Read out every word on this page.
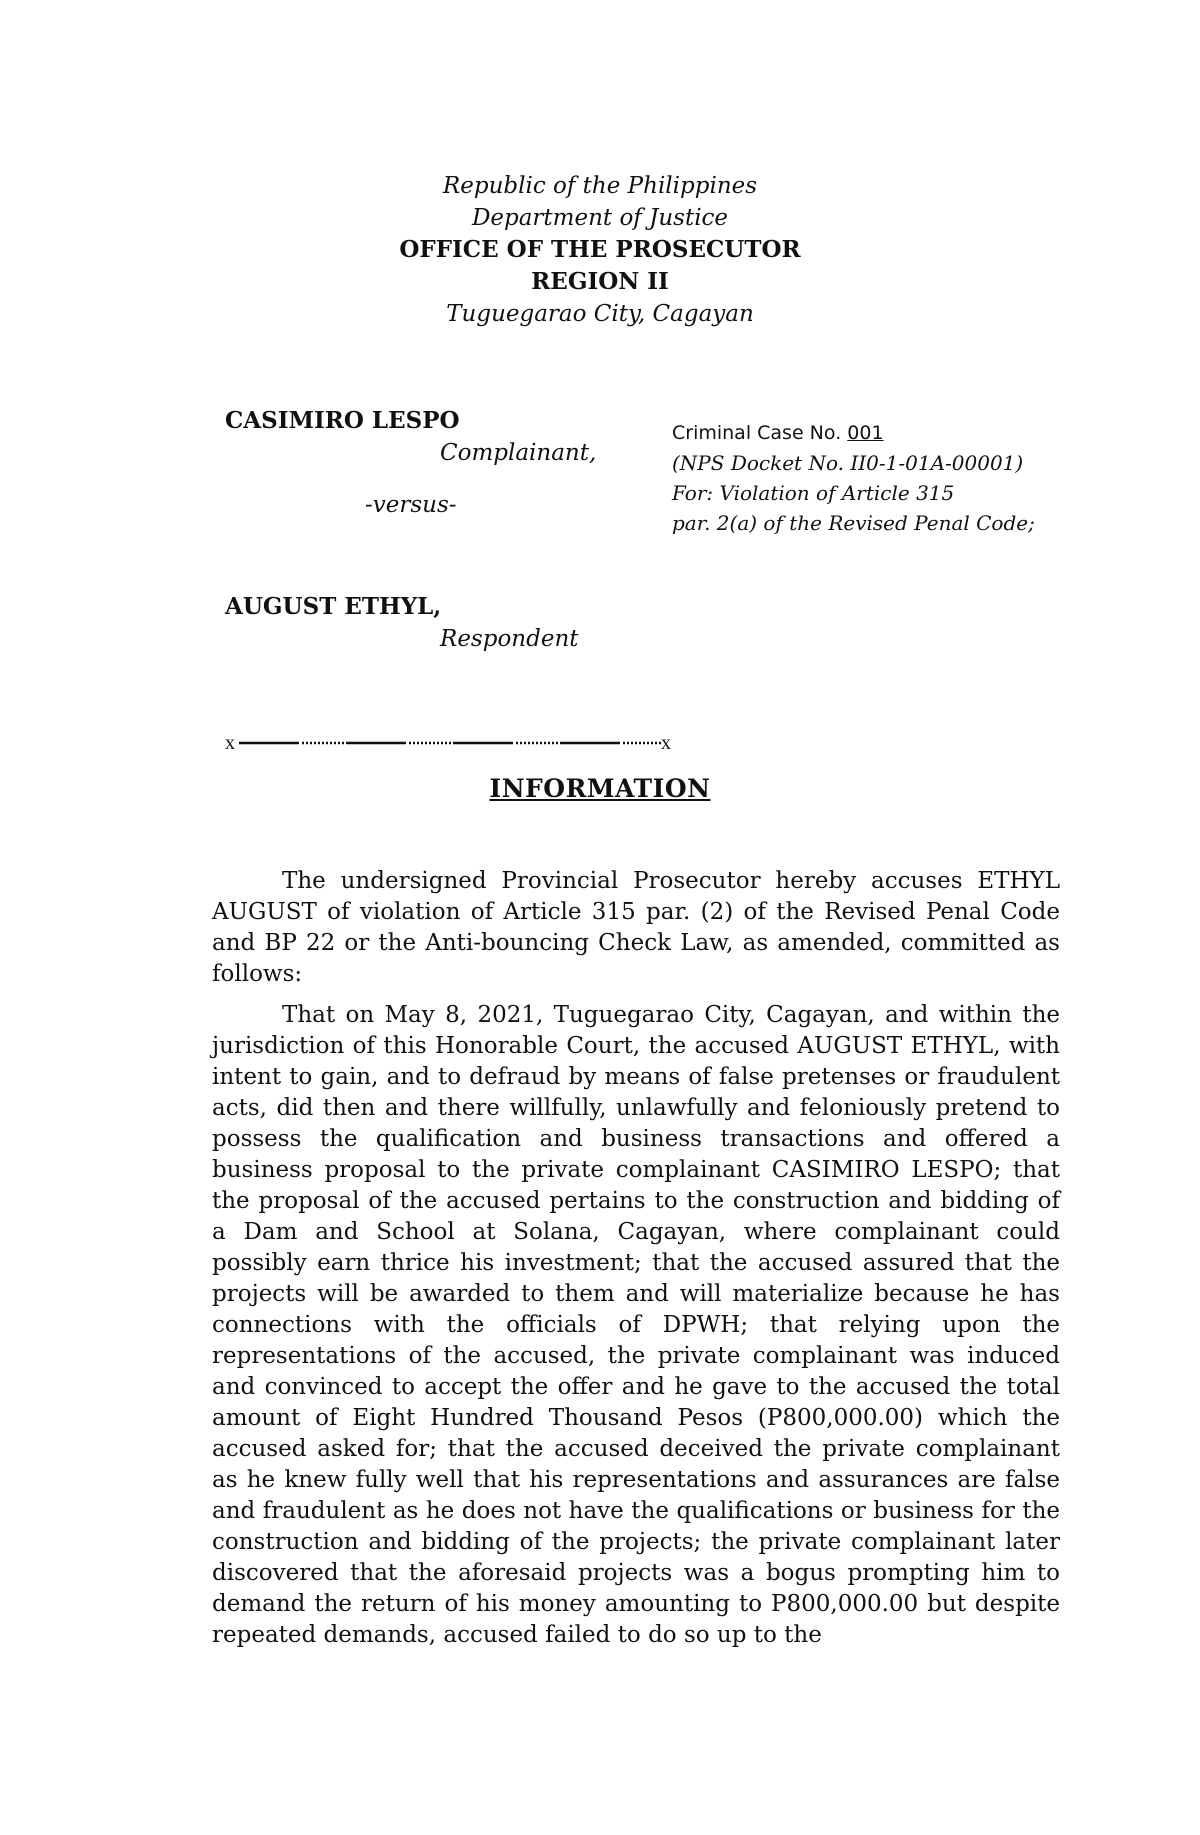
Republic of the Philippines
Department of Justice
OFFICE OF THE PROSECUTOR
REGION II
Tuguegarao City, Cagayan
CASIMIRO LESPO
Complainant,
-versus-
AUGUST ETHYL,
Respondent
Criminal Case No. 001
(NPS Docket No. II0-1-01A-00001)
For: Violation of Article 315
par. 2(a) of the Revised Penal Code;
x	x
INFORMATION

The undersigned Provincial Prosecutor hereby accuses ETHYL AUGUST of violation of Article 315 par. (2) of the Revised Penal Code and BP 22 or the Anti-bouncing Check Law, as amended, committed as follows:

That on May 8, 2021, Tuguegarao City, Cagayan, and within the jurisdiction of this Honorable Court, the accused AUGUST ETHYL, with intent to gain, and to defraud by means of false pretenses or fraudulent acts, did then and there willfully, unlawfully and feloniously pretend to possess the qualification and business transactions and offered a business proposal to the private complainant CASIMIRO LESPO; that the proposal of the accused pertains to the construction and bidding of a Dam and School at Solana, Cagayan, where complainant could possibly earn thrice his investment; that the accused assured that the projects will be awarded to them and will materialize because he has connections with the officials of DPWH; that relying upon the representations of the accused, the private complainant was induced and convinced to accept the offer and he gave to the accused the total amount of Eight Hundred Thousand Pesos (P800,000.00) which the accused asked for; that the accused deceived the private complainant as he knew fully well that his representations and assurances are false and fraudulent as he does not have the qualifications or business for the construction and bidding of the projects; the private complainant later discovered that the aforesaid projects was a bogus prompting him to demand the return of his money amounting to P800,000.00 but despite repeated demands, accused failed to do so up to the
